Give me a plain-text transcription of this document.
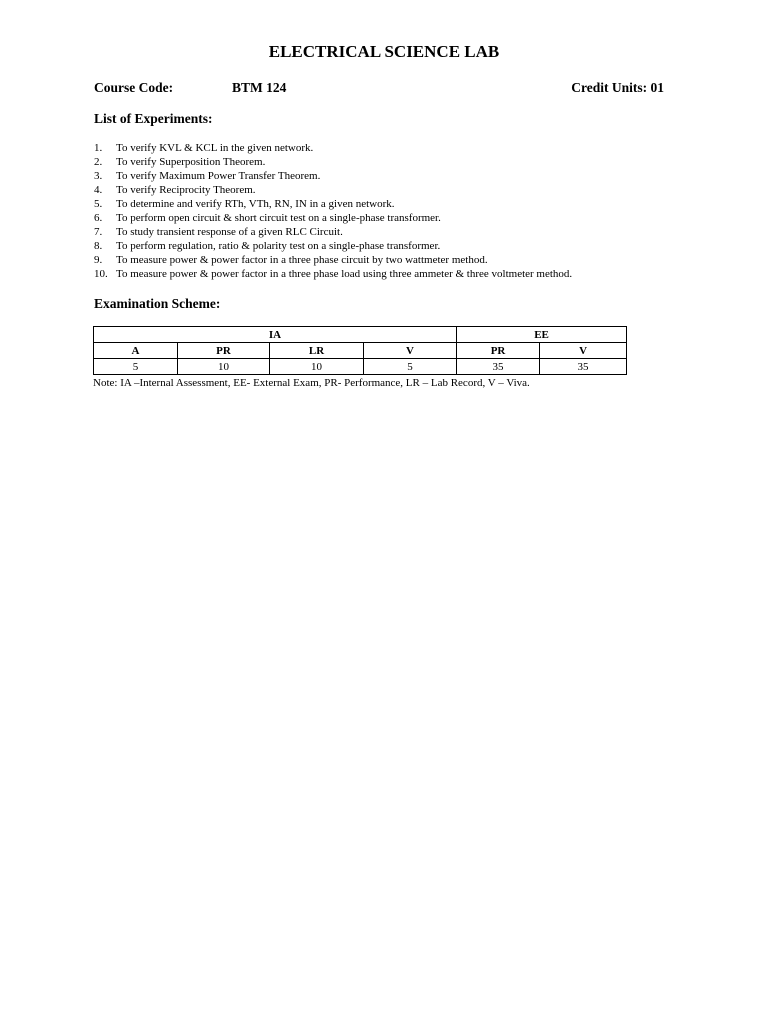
ELECTRICAL SCIENCE LAB
Course Code:	BTM 124	Credit Units: 01
List of Experiments:
1. To verify KVL & KCL in the given network.
2. To verify Superposition Theorem.
3. To verify Maximum Power Transfer Theorem.
4. To verify Reciprocity Theorem.
5. To determine and verify RTh, VTh, RN, IN in a given network.
6. To perform open circuit & short circuit test on a single-phase transformer.
7. To study transient response of a given RLC Circuit.
8. To perform regulation, ratio & polarity test on a single-phase transformer.
9. To measure power & power factor in a three phase circuit by two wattmeter method.
10. To measure power & power factor in a three phase load using three ammeter & three voltmeter method.
Examination Scheme:
IA				EE	
A	PR	LR	V	PR	V
5	10	10	5	35	35

Note: IA –Internal Assessment, EE- External Exam, PR- Performance, LR – Lab Record, V – Viva.
